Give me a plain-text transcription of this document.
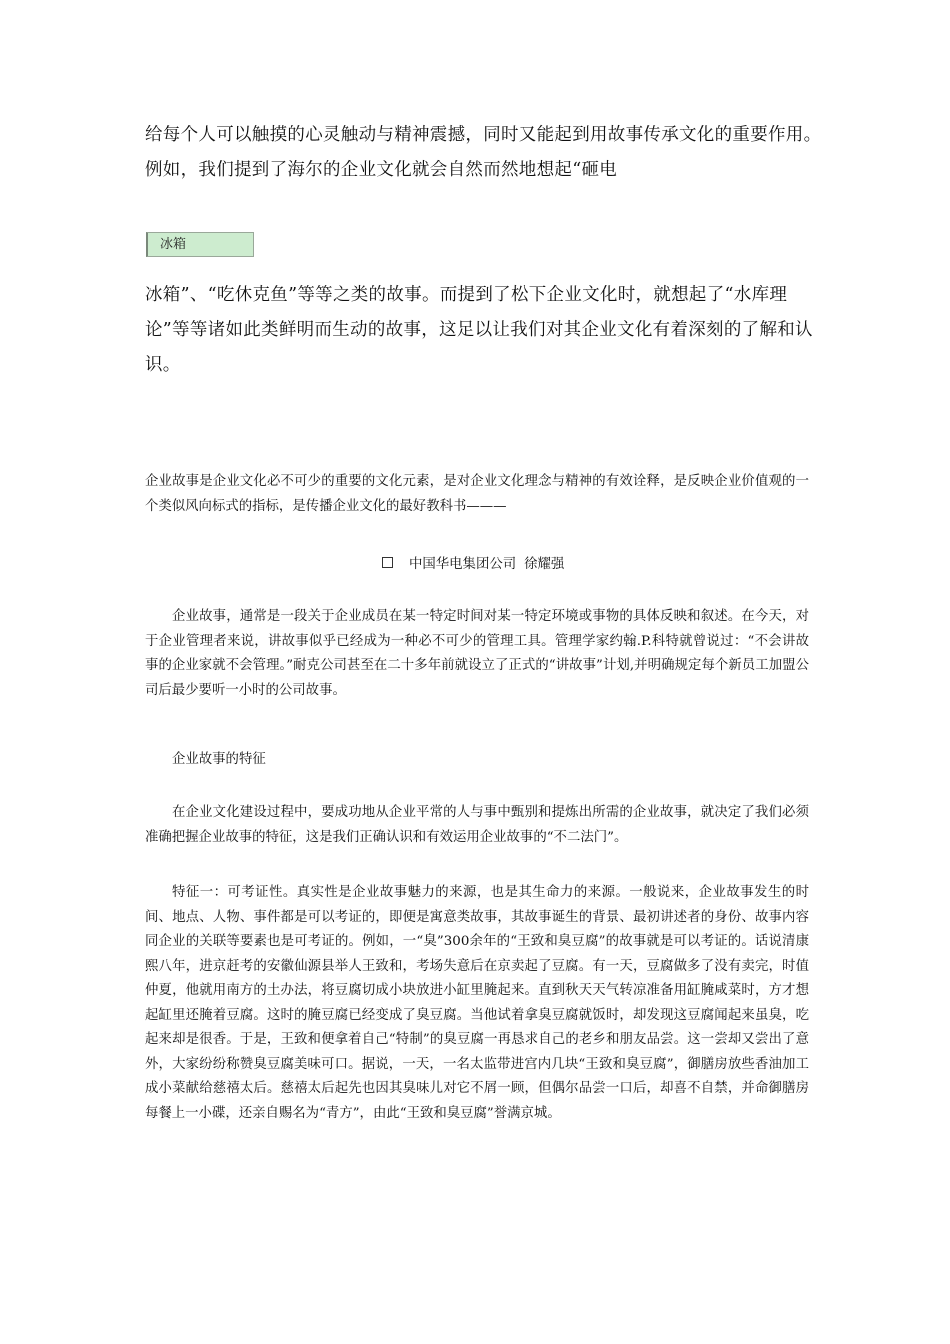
给每个人可以触摸的心灵触动与精神震撼，同时又能起到用故事传承文化的重要作用。
例如，我们提到了海尔的企业文化就会自然而然地想起“砸电
冰箱

冰箱”、“吃休克鱼”等等之类的故事。而提到了松下企业文化时，就想起了“水库理论”等等诸如此类鲜明而生动的故事，这足以让我们对其企业文化有着深刻的了解和认识。

企业故事是企业文化必不可少的重要的文化元素，是对企业文化理念与精神的有效诠释，是反映企业价值观的一个类似风向标式的指标，是传播企业文化的最好教科书———

中国华电集团公司 徐耀强

企业故事，通常是一段关于企业成员在某一特定时间对某一特定环境或事物的具体反映和叙述。在今天，对于企业管理者来说，讲故事似乎已经成为一种必不可少的管理工具。管理学家约翰.P.科特就曾说过：“不会讲故事的企业家就不会管理。”耐克公司甚至在二十多年前就设立了正式的“讲故事”计划,并明确规定每个新员工加盟公司后最少要听一小时的公司故事。

企业故事的特征

在企业文化建设过程中，要成功地从企业平常的人与事中甄别和提炼出所需的企业故事，就决定了我们必须准确把握企业故事的特征，这是我们正确认识和有效运用企业故事的“不二法门”。

特征一：可考证性。真实性是企业故事魅力的来源，也是其生命力的来源。一般说来，企业故事发生的时间、地点、人物、事件都是可以考证的，即便是寓意类故事，其故事诞生的背景、最初讲述者的身份、故事内容同企业的关联等要素也是可考证的。例如，一“臭”300余年的“王致和臭豆腐”的故事就是可以考证的。话说清康熙八年，进京赶考的安徽仙源县举人王致和，考场失意后在京卖起了豆腐。有一天，豆腐做多了没有卖完，时值仲夏，他就用南方的土办法，将豆腐切成小块放进小缸里腌起来。直到秋天天气转凉准备用缸腌咸菜时，方才想起缸里还腌着豆腐。这时的腌豆腐已经变成了臭豆腐。当他试着拿臭豆腐就饭时，却发现这豆腐闻起来虽臭，吃起来却是很香。于是，王致和便拿着自己“特制”的臭豆腐一再恳求自己的老乡和朋友品尝。这一尝却又尝出了意外，大家纷纷称赞臭豆腐美味可口。据说，一天，一名太监带进宫内几块“王致和臭豆腐”，御膳房放些香油加工成小菜献给慈禧太后。慈禧太后起先也因其臭味儿对它不屑一顾，但偶尔品尝一口后，却喜不自禁，并命御膳房每餐上一小碟，还亲自赐名为“青方”，由此“王致和臭豆腐”誉满京城。
